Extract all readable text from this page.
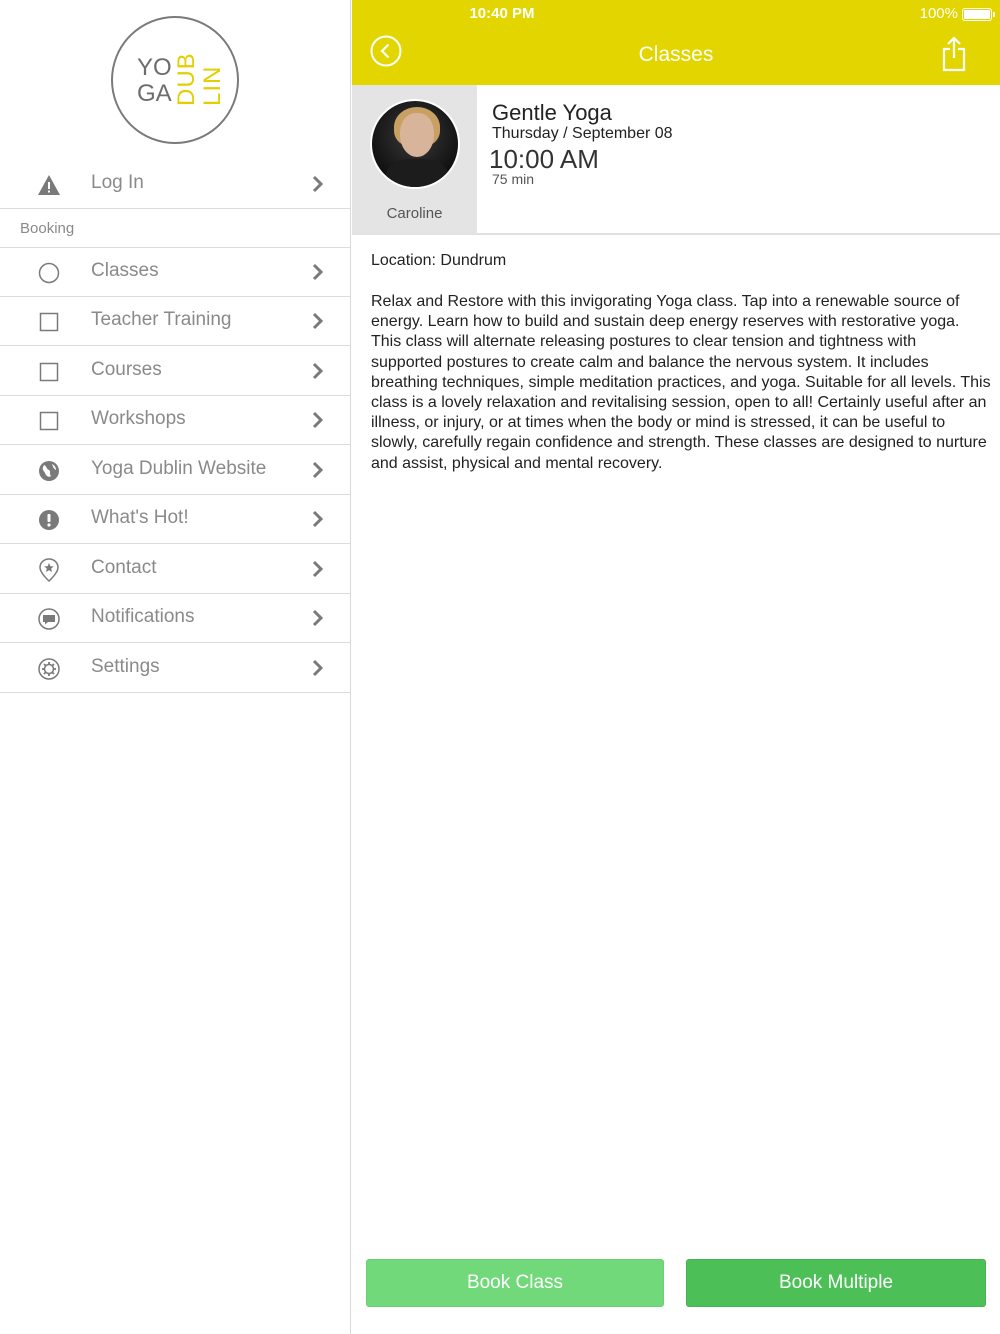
YO
GA DUB LIN
Log In
Booking
Classes
Teacher Training
Courses
Workshops
Yoga Dublin Website
What's Hot!
Contact
Notifications
Settings
10:40 PM	100%
Classes
Caroline
Gentle Yoga
Thursday / September 08
10:00 AM
75 min

Location: Dundrum

Relax and Restore with this invigorating Yoga class. Tap into a renewable source of energy. Learn how to build and sustain deep energy reserves with restorative yoga. This class will alternate releasing postures to clear tension and tightness with supported postures to create calm and balance the nervous system. It includes breathing techniques, simple meditation practices, and yoga. Suitable for all levels. This class is a lovely relaxation and revitalising session, open to all! Certainly useful after an illness, or injury, or at times when the body or mind is stressed, it can be useful to slowly, carefully regain confidence and strength. These classes are designed to nurture and assist, physical and mental recovery.

Book Class	Book Multiple
